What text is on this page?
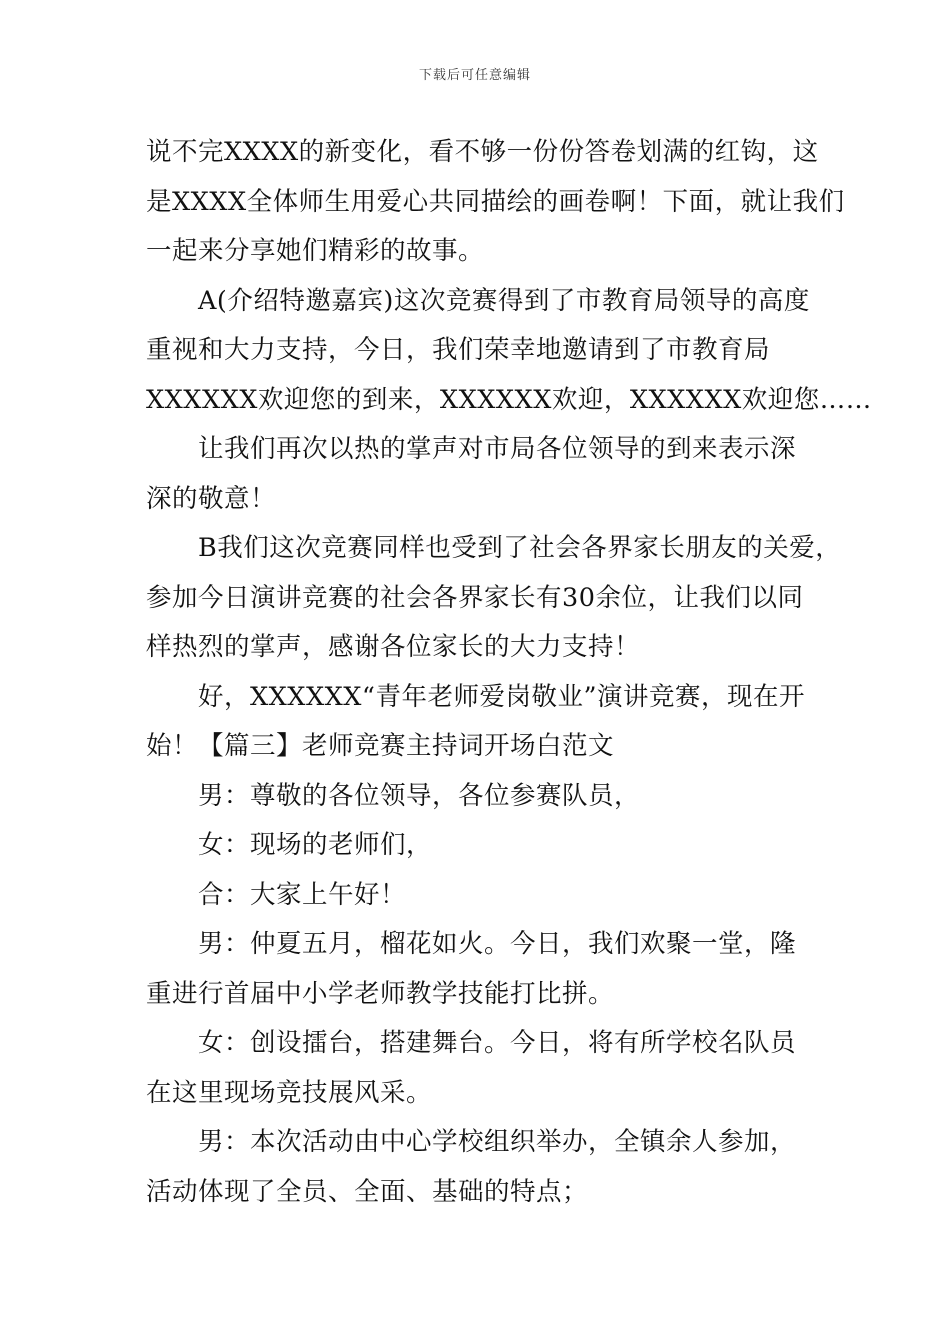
下载后可任意编辑
说不完XXXX的新变化，看不够一份份答卷划满的红钩，这
是XXXX全体师生用爱心共同描绘的画卷啊！下面，就让我们
一起来分享她们精彩的故事。
A(介绍特邀嘉宾)这次竞赛得到了市教育局领导的高度
重视和大力支持，今日，我们荣幸地邀请到了市教育局
XXXXXX欢迎您的到来，XXXXXX欢迎，XXXXXX欢迎您……
让我们再次以热的掌声对市局各位领导的到来表示深
深的敬意！
B我们这次竞赛同样也受到了社会各界家长朋友的关爱，
参加今日演讲竞赛的社会各界家长有30余位，让我们以同
样热烈的掌声，感谢各位家长的大力支持！
好，XXXXXX“青年老师爱岗敬业”演讲竞赛，现在开
始！【篇三】老师竞赛主持词开场白范文
男：尊敬的各位领导，各位参赛队员，
女：现场的老师们，
合：大家上午好！
男：仲夏五月，榴花如火。今日，我们欢聚一堂，隆
重进行首届中小学老师教学技能打比拼。
女：创设擂台，搭建舞台。今日，将有所学校名队员
在这里现场竞技展风采。
男：本次活动由中心学校组织举办，全镇余人参加，
活动体现了全员、全面、基础的特点；
